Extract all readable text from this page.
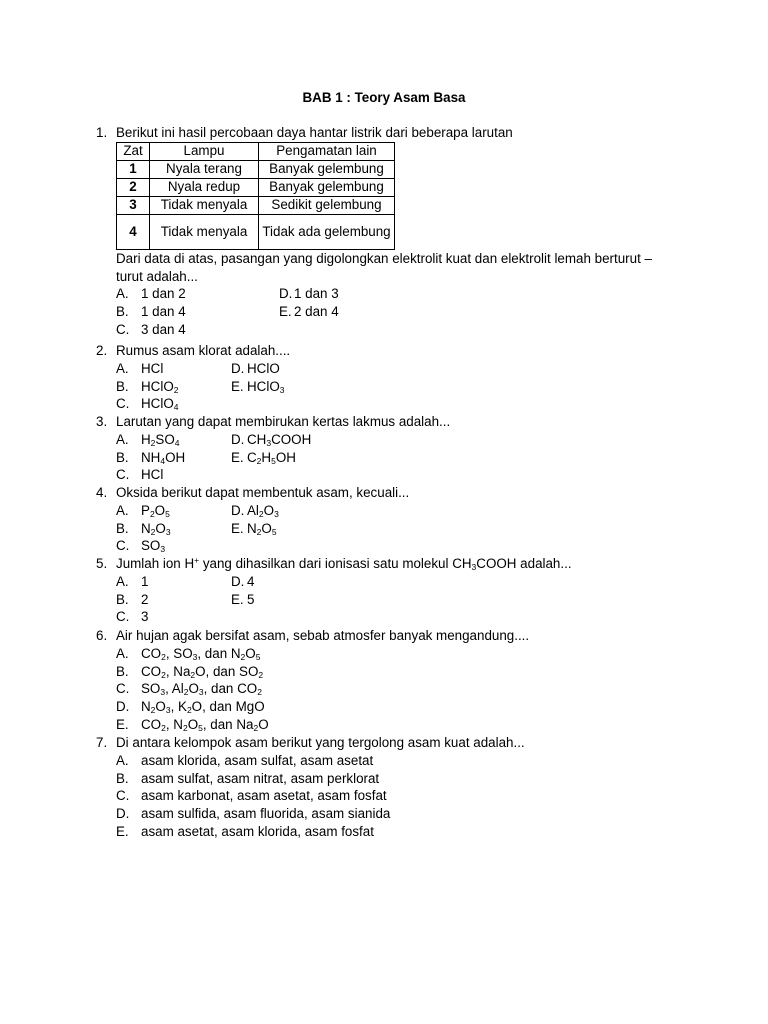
BAB 1 : Teory Asam Basa
1. Berikut ini hasil percobaan daya hantar listrik dari beberapa larutan
Zat	Lampu	Pengamatan lain
1	Nyala terang	Banyak gelembung
2	Nyala redup	Banyak gelembung
3	Tidak menyala	Sedikit gelembung
4	Tidak menyala	Tidak ada gelembung
Dari data di atas, pasangan yang digolongkan elektrolit kuat dan elektrolit lemah berturut – turut adalah...
A. 1 dan 2	D. 1 dan 3
B. 1 dan 4	E. 2 dan 4
C. 3 dan 4
2. Rumus asam klorat adalah....
A. HCl	D. HClO
B. HClO$_2$	E. HClO$_3$
C. HClO$_4$
3. Larutan yang dapat membirukan kertas lakmus adalah...
A. $H_2SO_4$	D. $CH_3COOH$
B. $NH_4OH$	E. $C_2H_5OH$
C. HCl
4. Oksida berikut dapat membentuk asam, kecuali...
A. $P_2O_5$	D. $Al_2O_3$
B. $N_2O_3$	E. $N_2O_5$
C. $SO_3$
5. Jumlah ion H+ yang dihasilkan dari ionisasi satu molekul $CH_3COOH$ adalah...
A. 1	D. 4
B. 2	E. 5
C. 3
6. Air hujan agak bersifat asam, sebab atmosfer banyak mengandung....
A. $CO_2$, $SO_3$, dan $N_2O_5$
B. $CO_2$, $Na_2O$, dan $SO_2$
C. $SO_3$, $Al_2O_3$, dan $CO_2$
D. $N_2O_3$, $K_2O$, dan MgO
E. $CO_2$, $N_2O_5$, dan $Na_2O$
7. Di antara kelompok asam berikut yang tergolong asam kuat adalah...
A. asam klorida, asam sulfat, asam asetat
B. asam sulfat, asam nitrat, asam perklorat
C. asam karbonat, asam asetat, asam fosfat
D. asam sulfida, asam fluorida, asam sianida
E. asam asetat, asam klorida, asam fosfat
